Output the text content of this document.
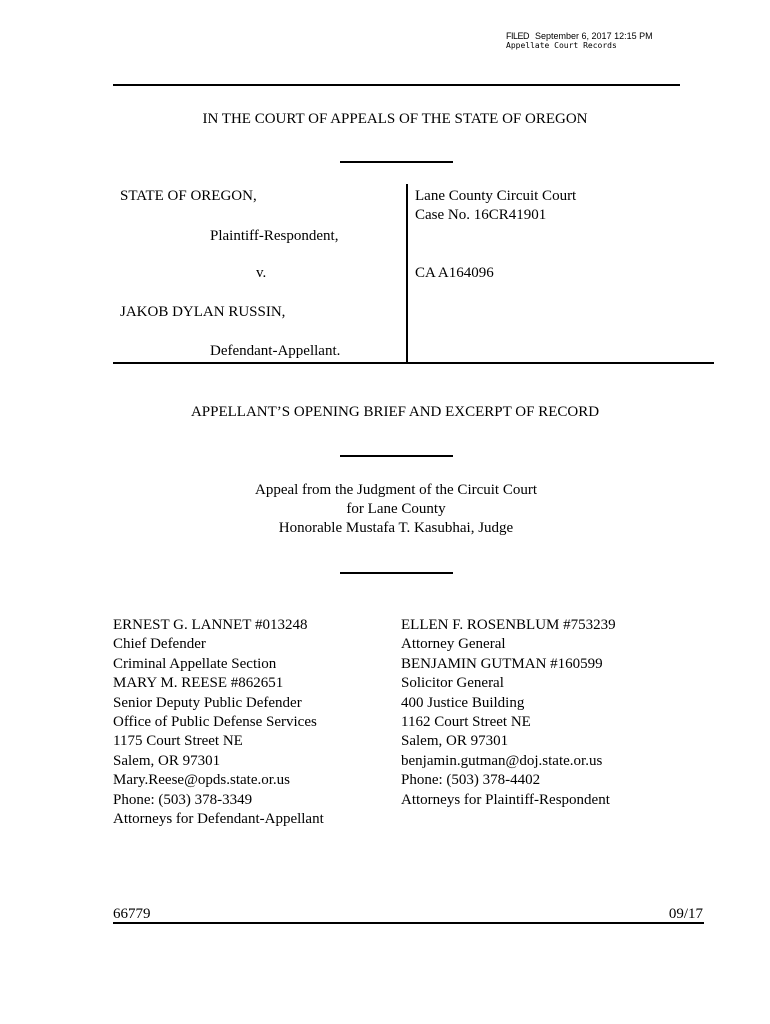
FILED September 6, 2017 12:15 PM
Appellate Court Records
IN THE COURT OF APPEALS OF THE STATE OF OREGON
STATE OF OREGON,
Plaintiff-Respondent,
v.
JAKOB DYLAN RUSSIN,
Defendant-Appellant.
Lane County Circuit Court
Case No. 16CR41901
CA A164096
APPELLANT’S OPENING BRIEF AND EXCERPT OF RECORD
Appeal from the Judgment of the Circuit Court
for Lane County
Honorable Mustafa T. Kasubhai, Judge
ERNEST G. LANNET #013248
Chief Defender
Criminal Appellate Section
MARY M. REESE #862651
Senior Deputy Public Defender
Office of Public Defense Services
1175 Court Street NE
Salem, OR 97301
Mary.Reese@opds.state.or.us
Phone: (503) 378-3349
Attorneys for Defendant-Appellant
ELLEN F. ROSENBLUM #753239
Attorney General
BENJAMIN GUTMAN #160599
Solicitor General
400 Justice Building
1162 Court Street NE
Salem, OR 97301
benjamin.gutman@doj.state.or.us
Phone: (503) 378-4402
Attorneys for Plaintiff-Respondent
66779	09/17
